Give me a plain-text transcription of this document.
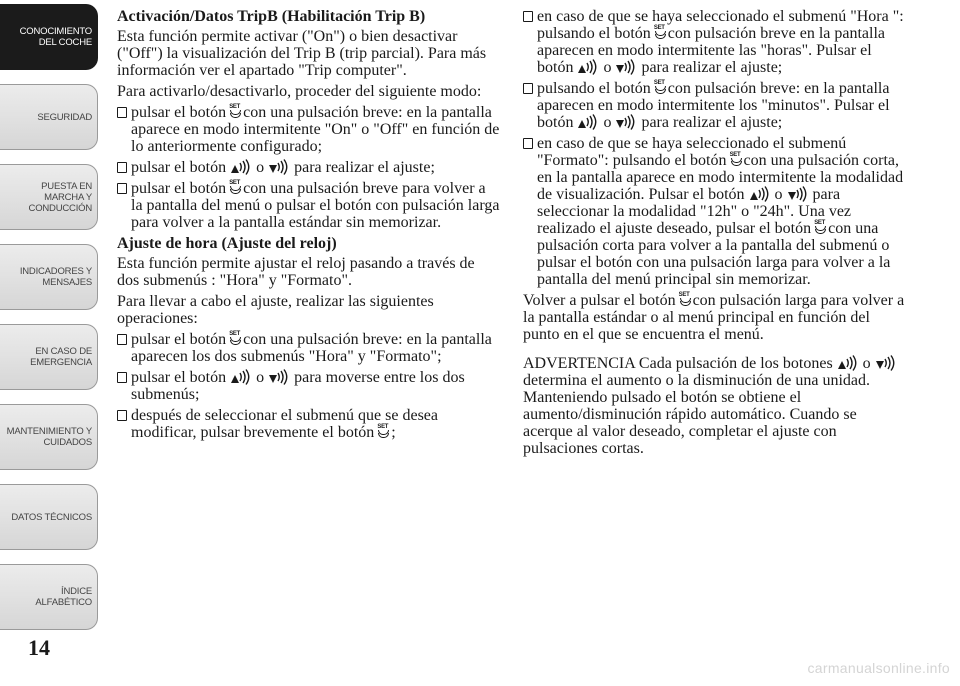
CONOCIMIENTO
DEL COCHE
SEGURIDAD
PUESTA EN
MARCHA Y
CONDUCCIÓN
INDICADORES Y
MENSAJES
EN CASO DE
EMERGENCIA
MANTENIMIENTO Y
CUIDADOS
DATOS TÉCNICOS
ÍNDICE
ALFABÉTICO
14
Activación/Datos TripB (Habilitación Trip B)

Esta función permite activar ("On") o bien desactivar ("Off") la visualización del Trip B (trip parcial). Para más información ver el apartado "Trip computer".

Para activarlo/desactivarlo, proceder del siguiente modo:

pulsar el botón SET con una pulsación breve: en la pantalla aparece en modo intermitente "On" o "Off" en función de lo anteriormente configurado;
pulsar el botón o para realizar el ajuste;
pulsar el botón SET con una pulsación breve para volver a la pantalla del menú o pulsar el botón con pulsación larga para volver a la pantalla estándar sin memorizar.
Ajuste de hora (Ajuste del reloj)

Esta función permite ajustar el reloj pasando a través de dos submenús : "Hora" y "Formato".

Para llevar a cabo el ajuste, realizar las siguientes operaciones:

pulsar el botón SET con una pulsación breve: en la pantalla aparecen los dos submenús "Hora" y "Formato";
pulsar el botón o para moverse entre los dos submenús;
después de seleccionar el submenú que se desea modificar, pulsar brevemente el botón SET ;
en caso de que se haya seleccionado el submenú "Hora ": pulsando el botón SET con pulsación breve en la pantalla aparecen en modo intermitente las "horas". Pulsar el botón o para realizar el ajuste;
pulsando el botón SET con pulsación breve: en la pantalla aparecen en modo intermitente los "minutos". Pulsar el botón o para realizar el ajuste;
en caso de que se haya seleccionado el submenú "Formato": pulsando el botón SET con una pulsación corta, en la pantalla aparece en modo intermitente la modalidad de visualización. Pulsar el botón o para seleccionar la modalidad "12h" o "24h". Una vez realizado el ajuste deseado, pulsar el botón SET con una pulsación corta para volver a la pantalla del submenú o pulsar el botón con una pulsación larga para volver a la pantalla del menú principal sin memorizar.

Volver a pulsar el botón SET con pulsación larga para volver a la pantalla estándar o al menú principal en función del punto en el que se encuentra el menú.

ADVERTENCIA Cada pulsación de los botones o  determina el aumento o la disminución de una unidad. Manteniendo pulsado el botón se obtiene el aumento/disminución rápido automático. Cuando se acerque al valor deseado, completar el ajuste con pulsaciones cortas.

carmanualsonline.info
